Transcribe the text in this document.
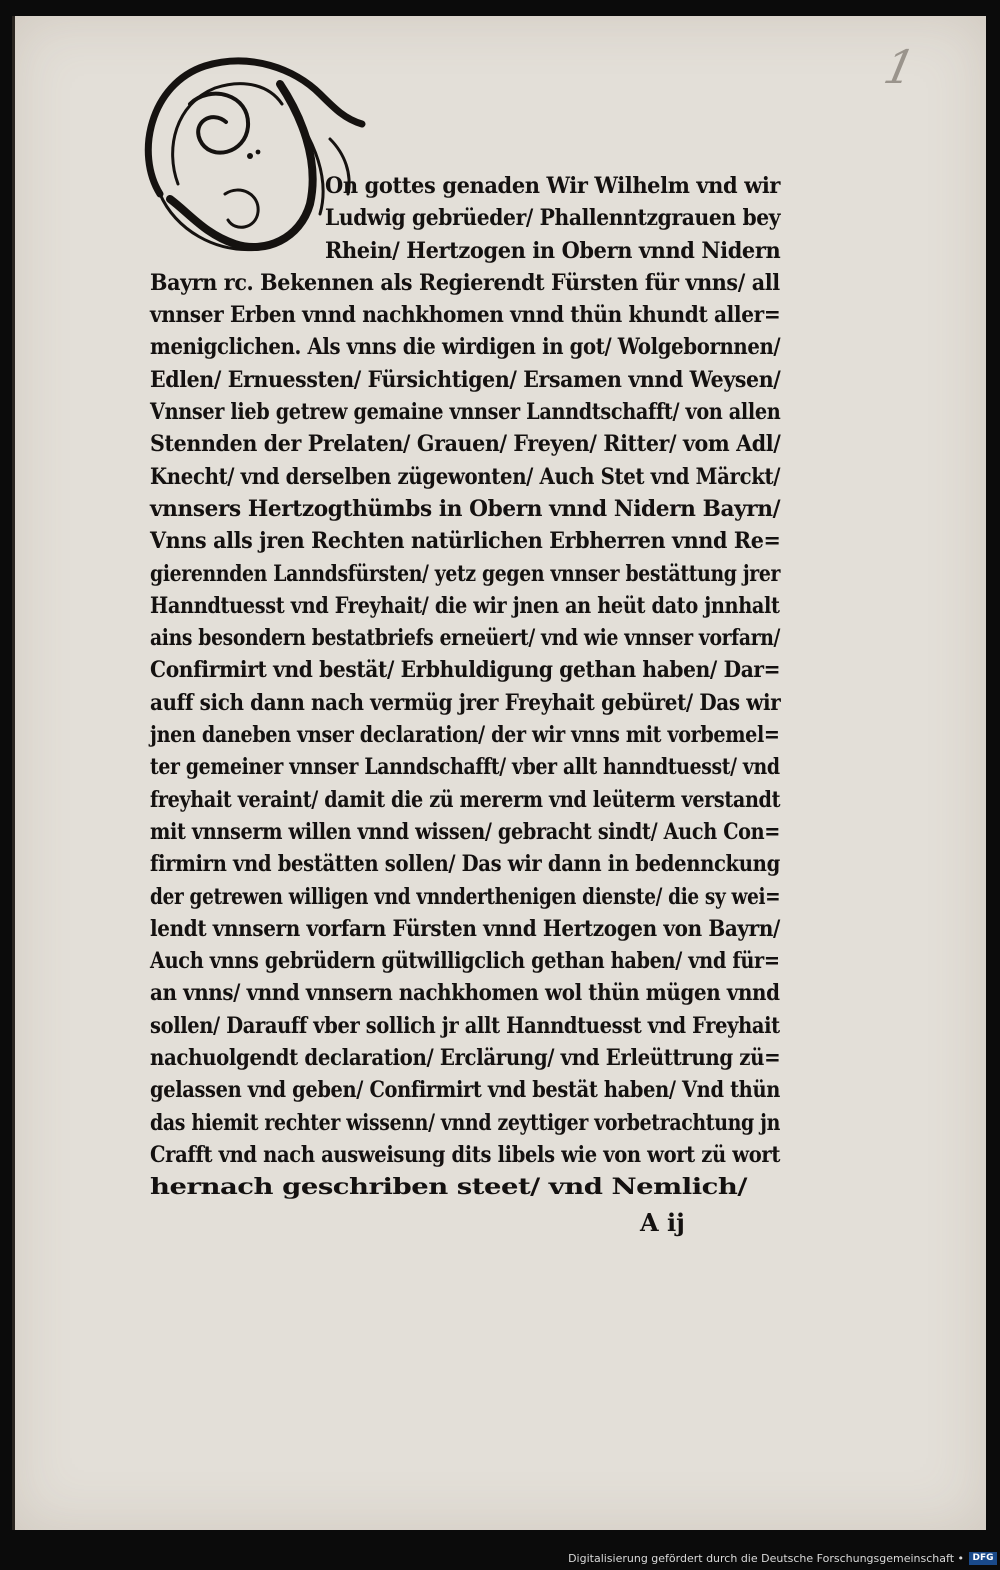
1
On gottes genaden Wir Wilhelm vnd wir
Ludwig gebrüeder/ Phallenntzgrauen bey
Rhein/ Hertzogen in Obern vnnd Nidern
Bayrn rc. Bekennen als Regierendt Fürsten für vnns/ all
vnnser Erben vnnd nachkhomen vnnd thün khundt aller=
menigclichen. Als vnns die wirdigen in got/ Wolgebornnen/
Edlen/ Ernuessten/ Fürsichtigen/ Ersamen vnnd Weysen/
Vnnser lieb getrew gemaine vnnser Lanndtschafft/ von allen
Stennden der Prelaten/ Grauen/ Freyen/ Ritter/ vom Adl/
Knecht/ vnd derselben zügewonten/ Auch Stet vnd Märckt/
vnnsers Hertzogthümbs in Obern vnnd Nidern Bayrn/
Vnns alls jren Rechten natürlichen Erbherren vnnd Re=
gierennden Lanndsfürsten/ yetz gegen vnnser bestättung jrer
Hanndtuesst vnd Freyhait/ die wir jnen an heüt dato jnnhalt
ains besondern bestatbriefs erneüert/ vnd wie vnnser vorfarn/
Confirmirt vnd bestät/ Erbhuldigung gethan haben/ Dar=
auff sich dann nach vermüg jrer Freyhait gebüret/ Das wir
jnen daneben vnser declaration/ der wir vnns mit vorbemel=
ter gemeiner vnnser Lanndschafft/ vber allt hanndtuesst/ vnd
freyhait veraint/ damit die zü mererm vnd leüterm verstandt
mit vnnserm willen vnnd wissen/ gebracht sindt/ Auch Con=
firmirn vnd bestätten sollen/ Das wir dann in bedennckung
der getrewen willigen vnd vnnderthenigen dienste/ die sy wei=
lendt vnnsern vorfarn Fürsten vnnd Hertzogen von Bayrn/
Auch vnns gebrüdern gütwilligclich gethan haben/ vnd für=
an vnns/ vnnd vnnsern nachkhomen wol thün mügen vnnd
sollen/ Darauff vber sollich jr allt Hanndtuesst vnd Freyhait
nachuolgendt declaration/ Erclärung/ vnd Erleüttrung zü=
gelassen vnd geben/ Confirmirt vnd bestät haben/ Vnd thün
das hiemit rechter wissenn/ vnnd zeyttiger vorbetrachtung jn
Crafft vnd nach ausweisung dits libels wie von wort zü wort
hernach geschriben steet/ vnd Nemlich/
A ij
Digitalisierung gefördert durch die Deutsche Forschungsgemeinschaft • DFG
